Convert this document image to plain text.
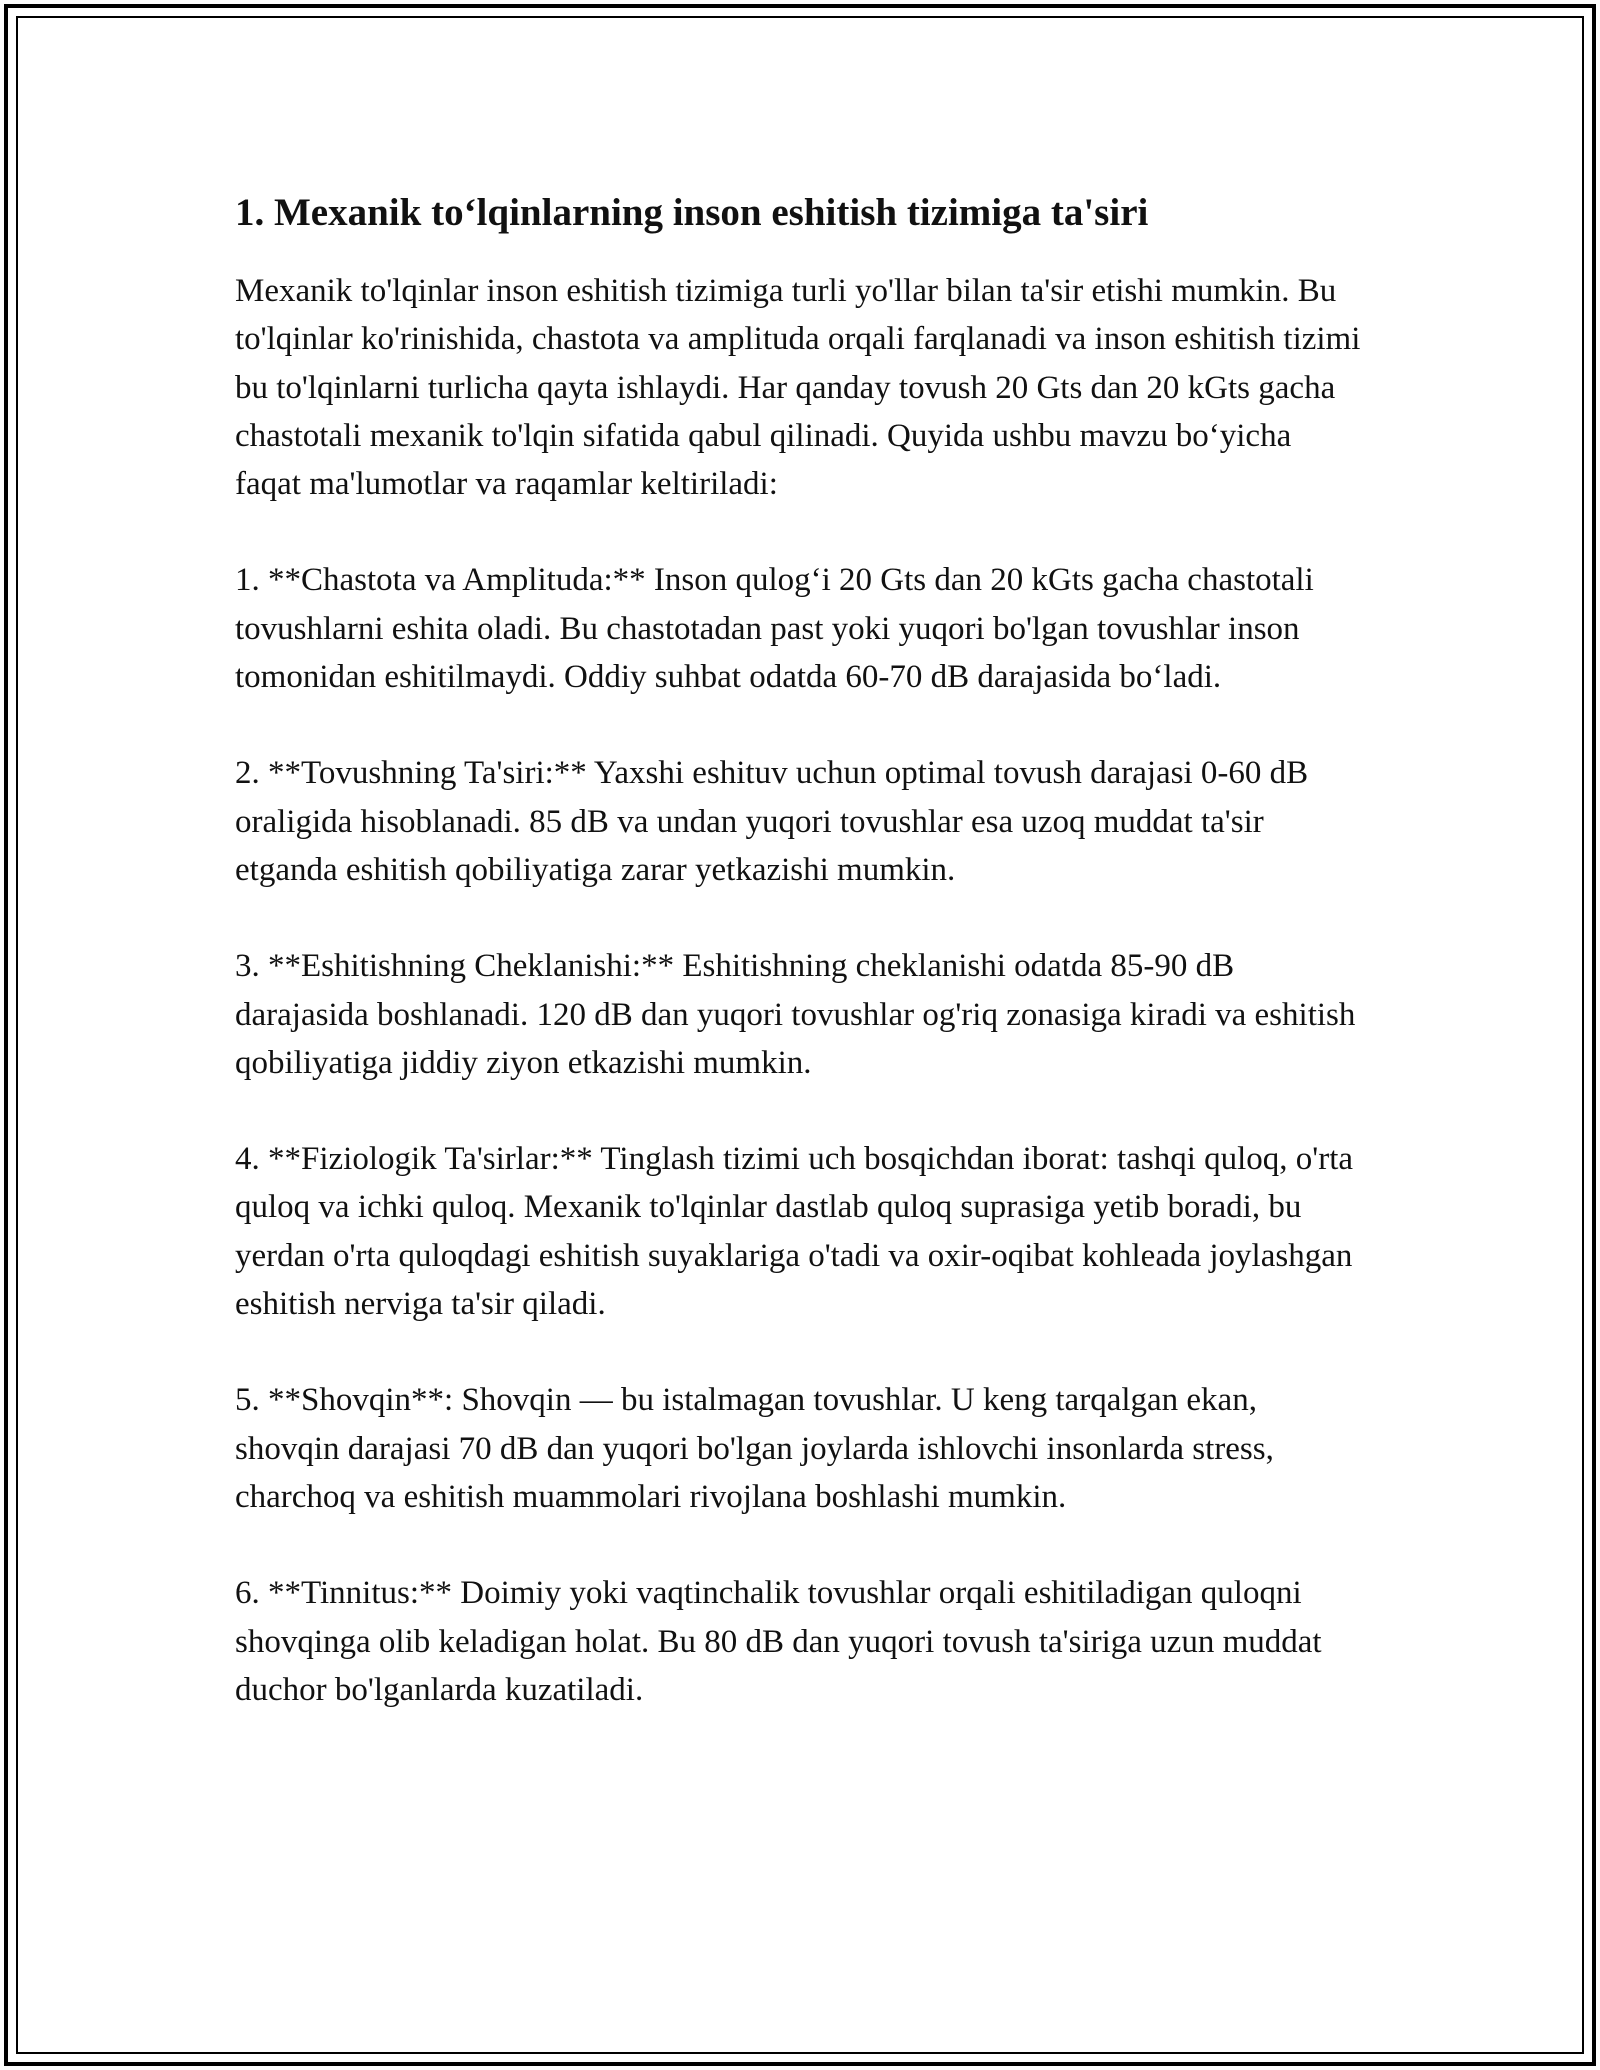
1. Mexanik to‘lqinlarning inson eshitish tizimiga ta'siri

Mexanik to'lqinlar inson eshitish tizimiga turli yo'llar bilan ta'sir etishi mumkin. Bu to'lqinlar ko'rinishida, chastota va amplituda orqali farqlanadi va inson eshitish tizimi bu to'lqinlarni turlicha qayta ishlaydi. Har qanday tovush 20 Gts dan 20 kGts gacha chastotali mexanik to'lqin sifatida qabul qilinadi. Quyida ushbu mavzu bo‘yicha faqat ma'lumotlar va raqamlar keltiriladi:

1. **Chastota va Amplituda:** Inson qulog‘i 20 Gts dan 20 kGts gacha chastotali tovushlarni eshita oladi. Bu chastotadan past yoki yuqori bo'lgan tovushlar inson tomonidan eshitilmaydi. Oddiy suhbat odatda 60-70 dB darajasida bo‘ladi.

2. **Tovushning Ta'siri:** Yaxshi eshituv uchun optimal tovush darajasi 0-60 dB oraligida hisoblanadi. 85 dB va undan yuqori tovushlar esa uzoq muddat ta'sir etganda eshitish qobiliyatiga zarar yetkazishi mumkin.

3. **Eshitishning Cheklanishi:** Eshitishning cheklanishi odatda 85-90 dB darajasida boshlanadi. 120 dB dan yuqori tovushlar og'riq zonasiga kiradi va eshitish qobiliyatiga jiddiy ziyon etkazishi mumkin.

4. **Fiziologik Ta'sirlar:** Tinglash tizimi uch bosqichdan iborat: tashqi quloq, o'rta quloq va ichki quloq. Mexanik to'lqinlar dastlab quloq suprasiga yetib boradi, bu yerdan o'rta quloqdagi eshitish suyaklariga o'tadi va oxir-oqibat kohleada joylashgan eshitish nerviga ta'sir qiladi.

5. **Shovqin**: Shovqin — bu istalmagan tovushlar. U keng tarqalgan ekan, shovqin darajasi 70 dB dan yuqori bo'lgan joylarda ishlovchi insonlarda stress, charchoq va eshitish muammolari rivojlana boshlashi mumkin.

6. **Tinnitus:** Doimiy yoki vaqtinchalik tovushlar orqali eshitiladigan quloqni shovqinga olib keladigan holat. Bu 80 dB dan yuqori tovush ta'siriga uzun muddat duchor bo'lganlarda kuzatiladi.
